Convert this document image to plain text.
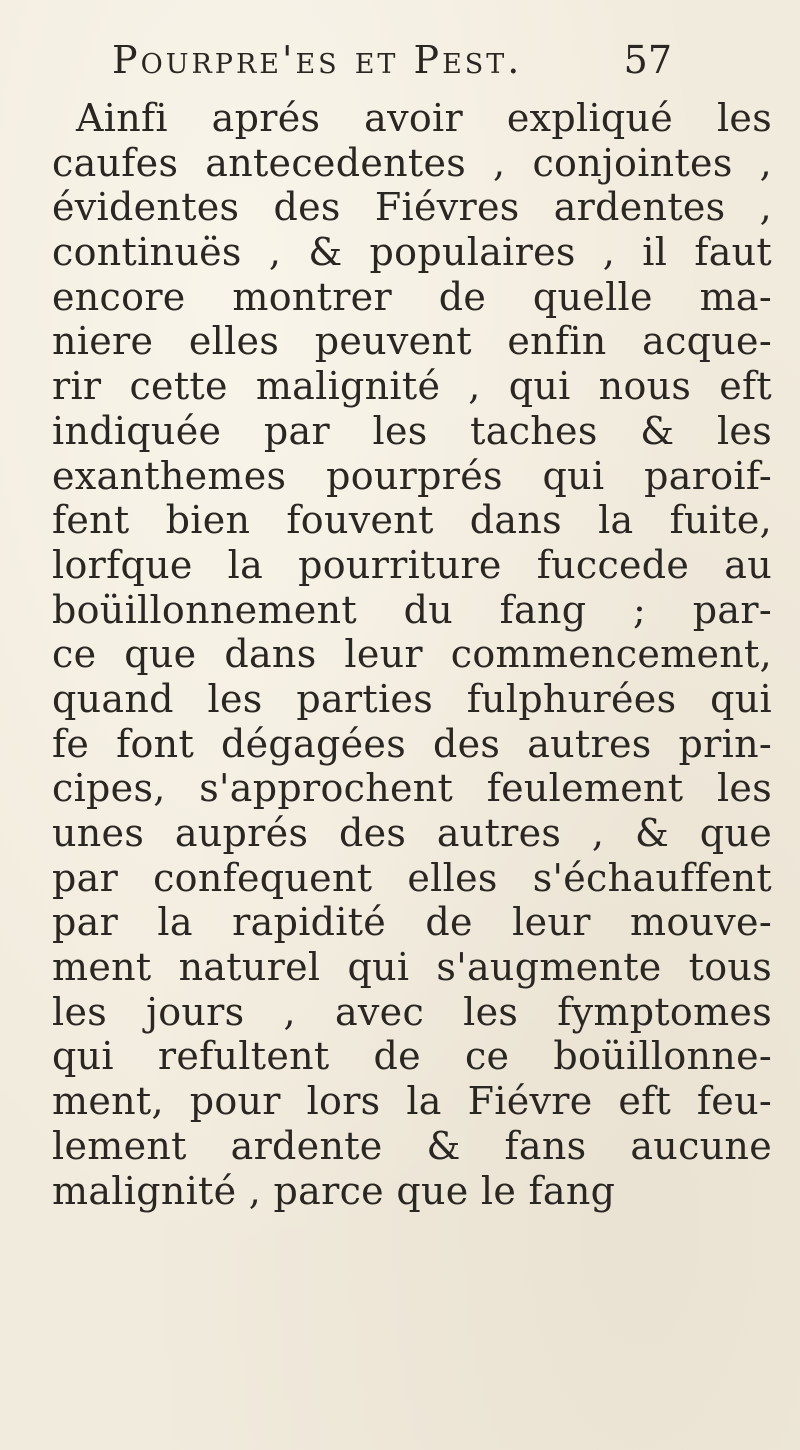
Pourpre'es et Pest.	57
Ainfi aprés avoir expliqué les
caufes antecedentes , conjointes ,
évidentes des Fiévres ardentes ,
continuës , & populaires , il faut
encore montrer de quelle ma-
niere elles peuvent enfin acque-
rir cette malignité , qui nous eft
indiquée par les taches & les
exanthemes pourprés qui paroif-
fent bien fouvent dans la fuite,
lorfque la pourriture fuccede au
boüillonnement du fang ; par-
ce que dans leur commencement,
quand les parties fulphurées qui
fe font dégagées des autres prin-
cipes, s'approchent feulement les
unes auprés des autres , & que
par confequent elles s'échauffent
par la rapidité de leur mouve-
ment naturel qui s'augmente tous
les jours , avec les fymptomes
qui refultent de ce boüillonne-
ment, pour lors la Fiévre eft feu-
lement ardente & fans aucune
malignité , parce que le fang
